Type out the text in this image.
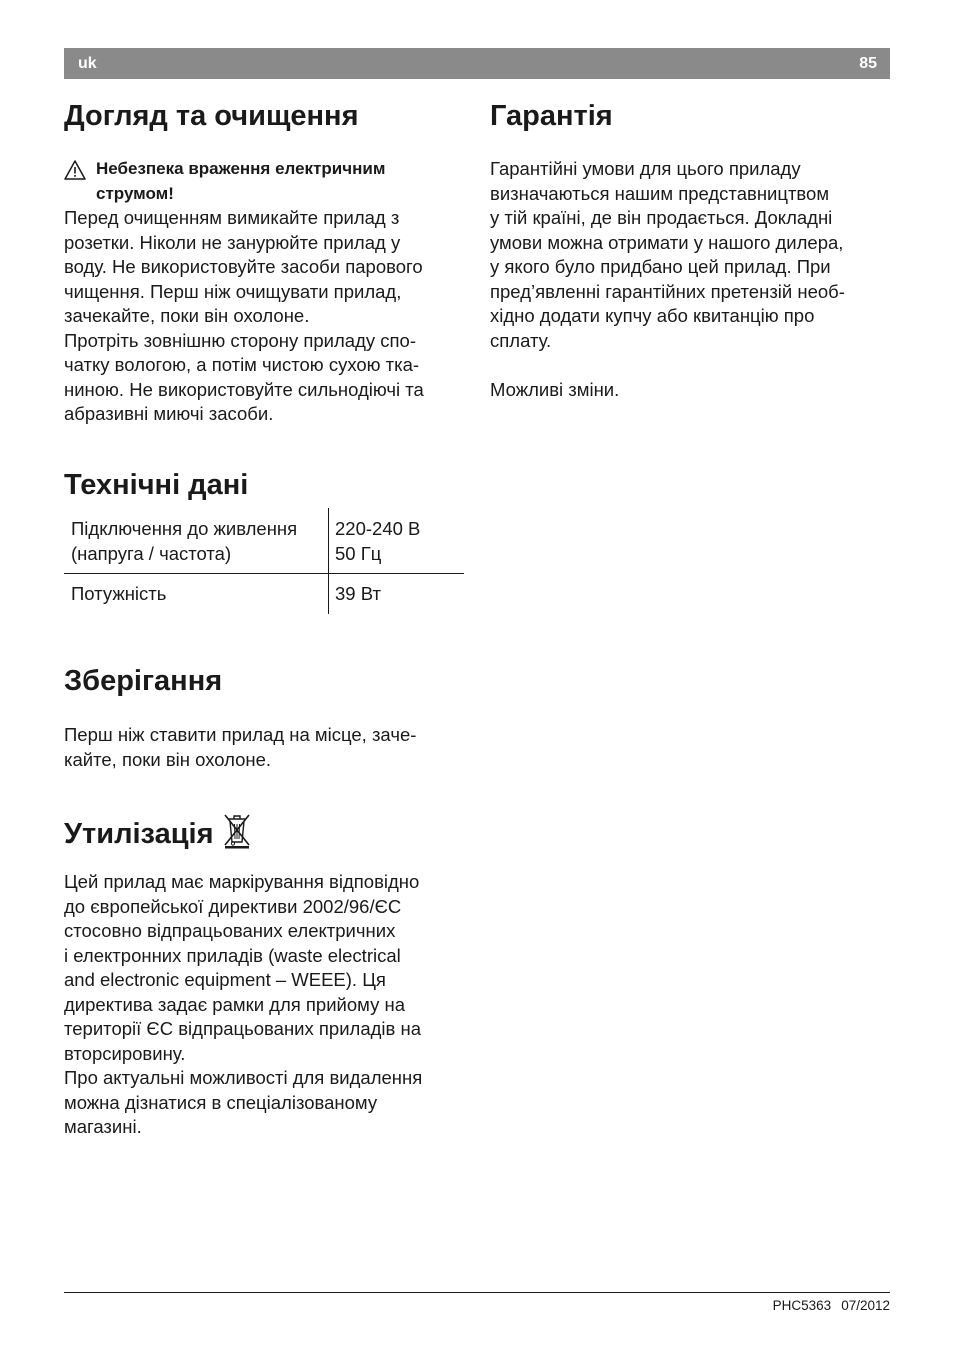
uk	85
Догляд та очищення

Небезпека враження електричним

струмом!

Перед очищенням вимикайте прилад з

розетки. Ніколи не занурюйте прилад у

воду. Не використовуйте засоби парового

чищення. Перш ніж очищувати прилад,

зачекайте, поки він охолоне.

Протріть зовнішню сторону приладу спо-

чатку вологою, а потім чистою сухою тка-

ниною. Не використовуйте сильнодіючі та

абразивні миючі засоби.

Технічні дані
Підключення до живлення
(напруга / частота)
220-240 В
50 Гц
Потужність	39 Вт
Зберігання

Перш ніж ставити прилад на місце, заче-

кайте, поки він охолоне.

Утилізація

Цей прилад має маркірування відповідно

до європейської директиви 2002/96/ЄС

стосовно відпрацьованих електричних

і електронних приладів (waste electrical

and electronic equipment – WEEE). Ця

директива задає рамки для прийому на

території ЄС відпрацьованих приладів на

вторсировину.

Про актуальні можливості для видалення

можна дізнатися в спеціалізованому

магазині.

Гарантія

Гарантійні умови для цього приладу

визначаються нашим представництвом

у тій країні, де він продається. Докладні

умови можна отримати у нашого дилера,

у якого було придбано цей прилад. При

пред’явленні гарантійних претензій необ-

хідно додати купчу або квитанцію про

сплату.

Можливі зміни.

PHC5363 07/2012
